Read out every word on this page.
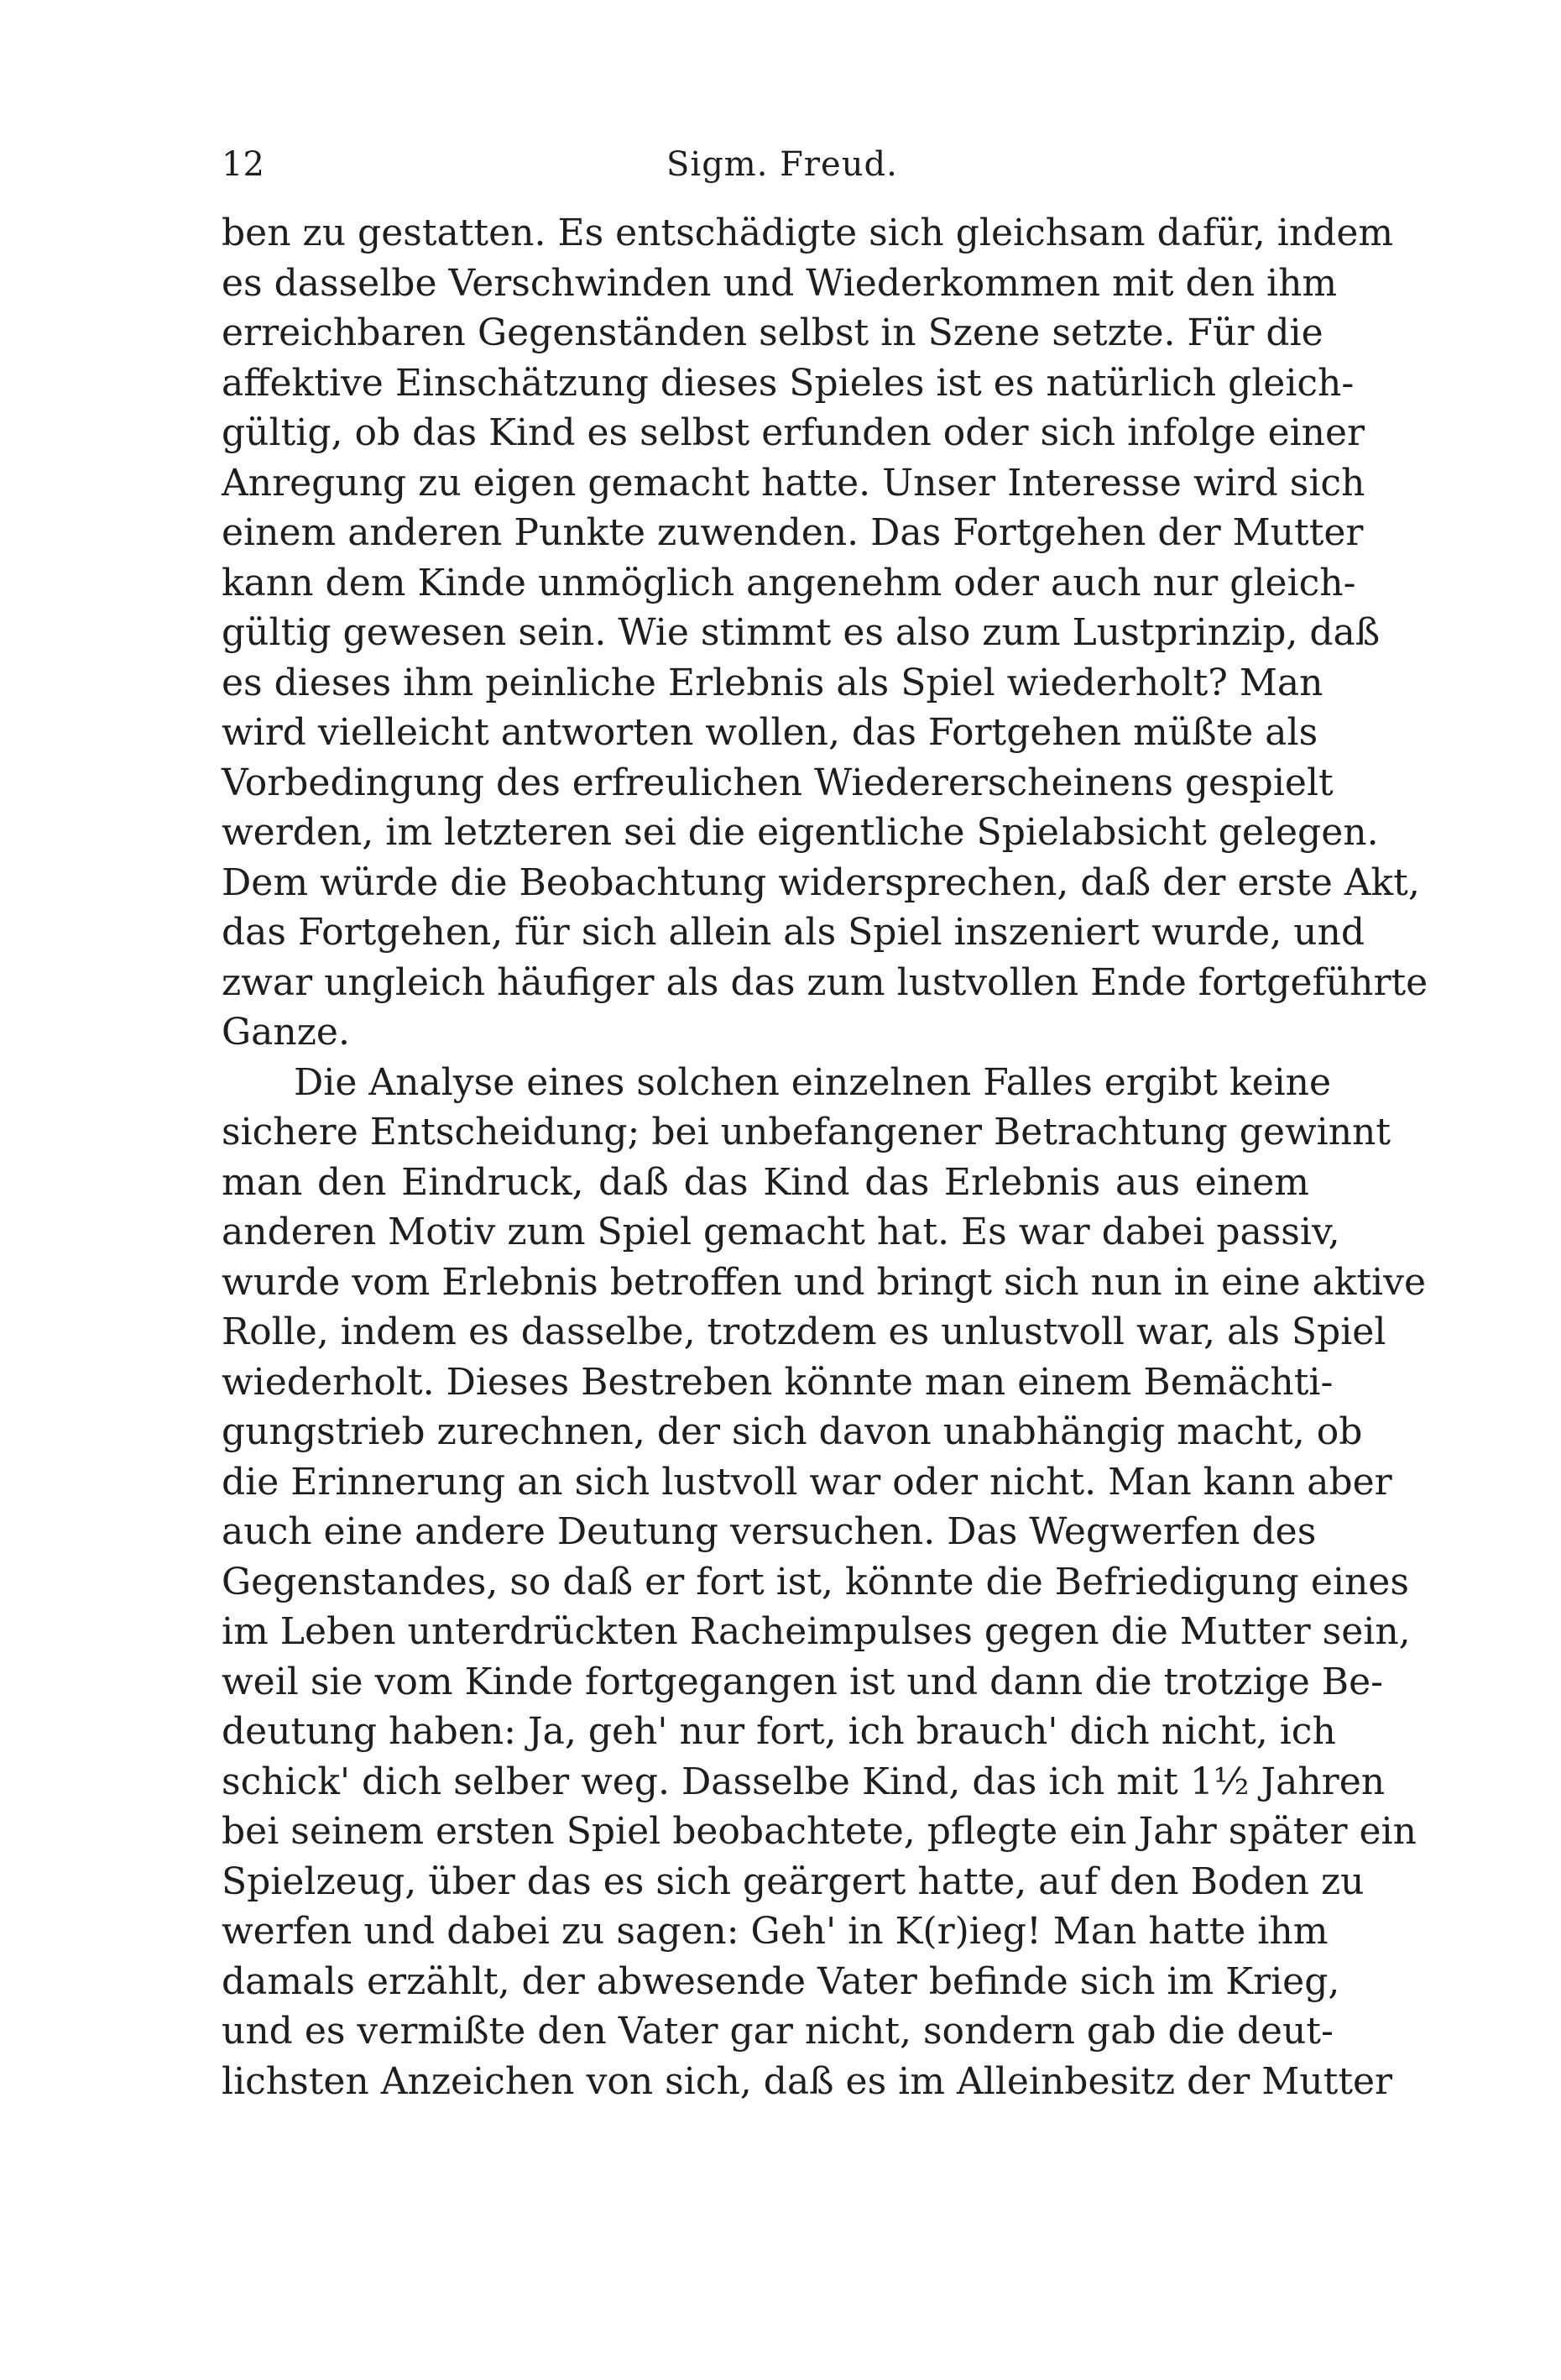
12	Sigm. Freud.
ben zu gestatten. Es entschädigte sich gleichsam dafür, indem
es dasselbe Verschwinden und Wiederkommen mit den ihm
erreichbaren Gegenständen selbst in Szene setzte. Für die
affektive Einschätzung dieses Spieles ist es natürlich gleich-
gültig, ob das Kind es selbst erfunden oder sich infolge einer
Anregung zu eigen gemacht hatte. Unser Interesse wird sich
einem anderen Punkte zuwenden. Das Fortgehen der Mutter
kann dem Kinde unmöglich angenehm oder auch nur gleich-
gültig gewesen sein. Wie stimmt es also zum Lustprinzip, daß
es dieses ihm peinliche Erlebnis als Spiel wiederholt? Man
wird vielleicht antworten wollen, das Fortgehen müßte als
Vorbedingung des erfreulichen Wiedererscheinens gespielt
werden, im letzteren sei die eigentliche Spielabsicht gelegen.
Dem würde die Beobachtung widersprechen, daß der erste Akt,
das Fortgehen, für sich allein als Spiel inszeniert wurde, und
zwar ungleich häufiger als das zum lustvollen Ende fortgeführte
Ganze.
Die Analyse eines solchen einzelnen Falles ergibt keine
sichere Entscheidung; bei unbefangener Betrachtung gewinnt
man den Eindruck, daß das Kind das Erlebnis aus einem
anderen Motiv zum Spiel gemacht hat. Es war dabei passiv,
wurde vom Erlebnis betroffen und bringt sich nun in eine aktive
Rolle, indem es dasselbe, trotzdem es unlustvoll war, als Spiel
wiederholt. Dieses Bestreben könnte man einem Bemächti-
gungstrieb zurechnen, der sich davon unabhängig macht, ob
die Erinnerung an sich lustvoll war oder nicht. Man kann aber
auch eine andere Deutung versuchen. Das Wegwerfen des
Gegenstandes, so daß er fort ist, könnte die Befriedigung eines
im Leben unterdrückten Racheimpulses gegen die Mutter sein,
weil sie vom Kinde fortgegangen ist und dann die trotzige Be-
deutung haben: Ja, geh' nur fort, ich brauch' dich nicht, ich
schick' dich selber weg. Dasselbe Kind, das ich mit 1½ Jahren
bei seinem ersten Spiel beobachtete, pflegte ein Jahr später ein
Spielzeug, über das es sich geärgert hatte, auf den Boden zu
werfen und dabei zu sagen: Geh' in K(r)ieg! Man hatte ihm
damals erzählt, der abwesende Vater befinde sich im Krieg,
und es vermißte den Vater gar nicht, sondern gab die deut-
lichsten Anzeichen von sich, daß es im Alleinbesitz der Mutter
